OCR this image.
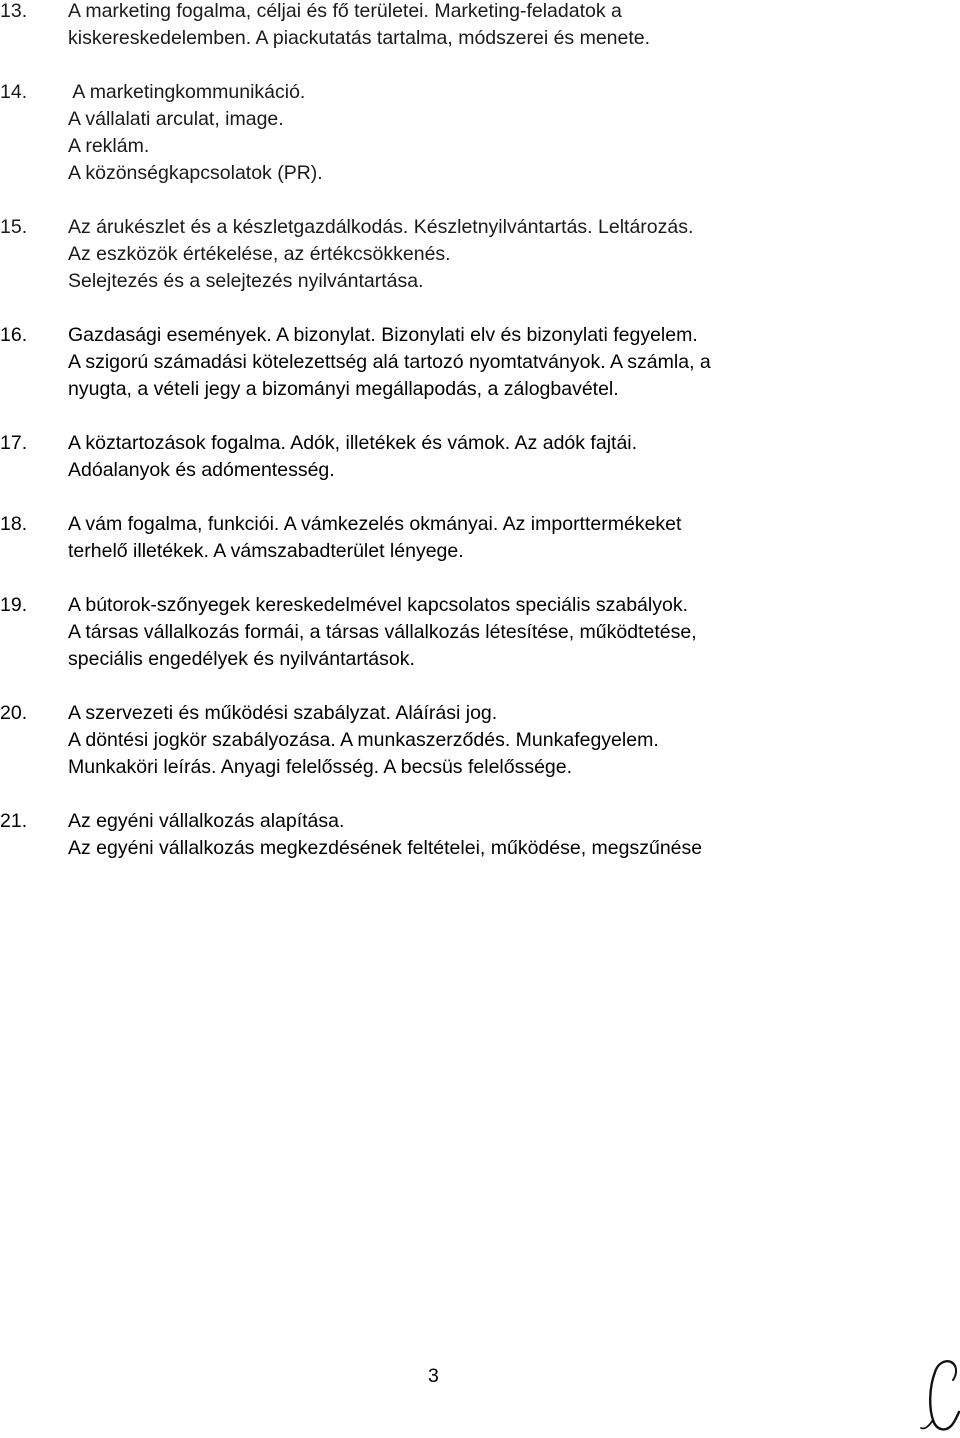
13.	A marketing fogalma, céljai és fő területei. Marketing-feladatok a
kiskereskedelemben. A piackutatás tartalma, módszerei és menete.
14.	A marketingkommunikáció.
A vállalati arculat, image.
A reklám.
A közönségkapcsolatok (PR).
15.	Az árukészlet és a készletgazdálkodás. Készletnyilvántartás. Leltározás.
Az eszközök értékelése, az értékcsökkenés.
Selejtezés és a selejtezés nyilvántartása.
16.	Gazdasági események. A bizonylat. Bizonylati elv és bizonylati fegyelem.
A szigorú számadási kötelezettség alá tartozó nyomtatványok. A számla, a
nyugta, a vételi jegy a bizományi megállapodás, a zálogbavétel.
17.	A köztartozások fogalma. Adók, illetékek és vámok. Az adók fajtái.
Adóalanyok és adómentesség.
18.	A vám fogalma, funkciói. A vámkezelés okmányai. Az importtermékeket
terhelő illetékek. A vámszabadterület lényege.
19.	A bútorok-szőnyegek kereskedelmével kapcsolatos speciális szabályok.
A társas vállalkozás formái, a társas vállalkozás létesítése, működtetése,
speciális engedélyek és nyilvántartások.
20.	A szervezeti és működési szabályzat. Aláírási jog.
A döntési jogkör szabályozása. A munkaszerződés. Munkafegyelem.
Munkaköri leírás. Anyagi felelősség. A becsüs felelőssége.
21.	Az egyéni vállalkozás alapítása.
Az egyéni vállalkozás megkezdésének feltételei, működése, megszűnése
3
